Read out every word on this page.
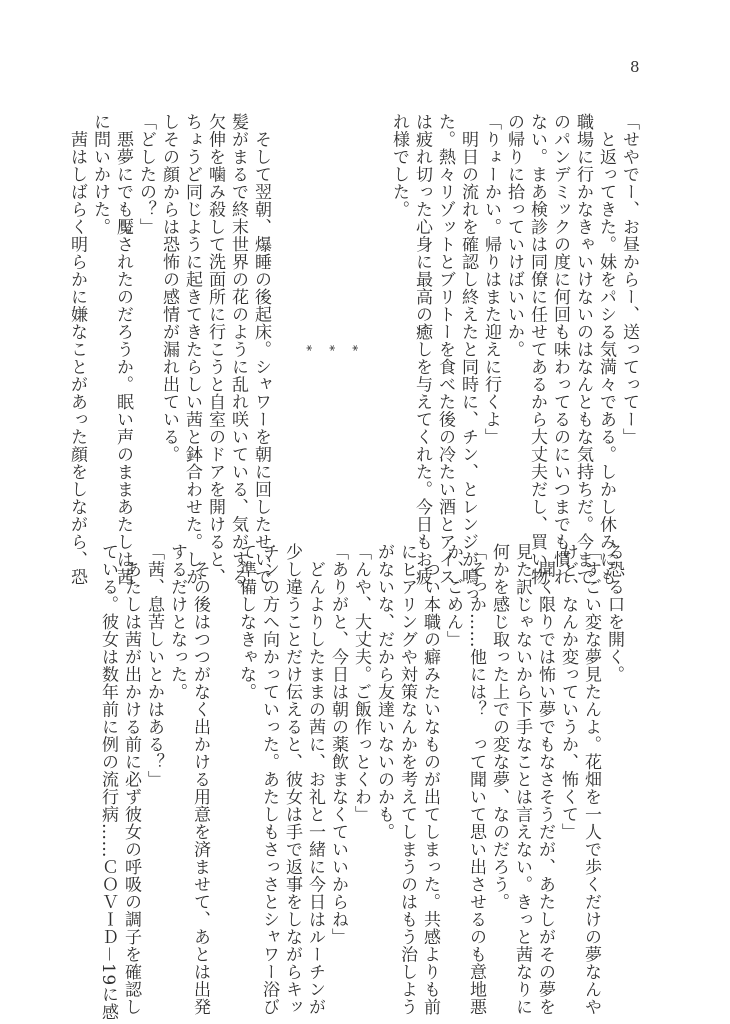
8
「せやでー、お昼からー、送ってってー」
　と返ってきた。妹をパシる気満々である。しかし休みにも
職場に行かなきゃいけないのはなんともな気持ちだ。今まで
のパンデミックの度に何回も味わってるのにいつまでも慣れ
ない。まあ検診は同僚に任せてあるから大丈夫だし、買い物
の帰りに拾っていけばいいか。
「りょーかい。帰りはまた迎えに行くよ」
　明日の流れを確認し終えたと同時に、チン、とレンジが鳴っ
た。熱々リゾットとブリトーを食べた後の冷たい酒とアイス
は疲れ切った心身に最高の癒しを与えてくれた。今日もお疲
れ様でした。
*
*
*
　そして翌朝、爆睡の後起床。シャワーを朝に回したせいで
髪がまるで終末世界の花のように乱れ咲いている、気がする。
欠伸を噛み殺して洗面所に行こうと自室のドアを開けると、
ちょうど同じように起きてきたらしい茜と鉢合わせた。しか
しその顔からは恐怖の感情が漏れ出ている。
「どしたの？」
　悪夢にでも魘されたのだろうか。眠い声のままあたしは茜
に問いかけた。
　茜はしばらく明らかに嫌なことがあった顔をしながら、恐
る恐る口を開く。
「すごい変な夢見たんよ。花畑を一人で歩くだけの夢なんや
けど、なんか変っていうか、怖くて」
　聞く限りでは怖い夢でもなさそうだが、あたしがその夢を
見た訳じゃないから下手なことは言えない。きっと茜なりに
何かを感じ取った上での変な夢、なのだろう。
「そっか……他には？　って聞いて思い出させるのも意地悪
か、ごめん」
　つい本職の癖みたいなものが出てしまった。共感よりも前
にヒアリングや対策なんかを考えてしまうのはもう治しよう
がないな、だから友達いないのかも。
「んや、大丈夫。ご飯作っとくわ」
「ありがと、今日は朝の薬飲まなくていいからね」
　どんよりしたままの茜に、お礼と一緒に今日はルーチンが
少し違うことだけ伝えると、彼女は手で返事をしながらキッ
チンの方へ向かっていった。あたしもさっさとシャワー浴び
て準備しなきゃな。
　その後はつつがなく出かける用意を済ませて、あとは出発
するだけとなった。
「茜、息苦しいとかはある？」
　あたしは茜が出かける前に必ず彼女の呼吸の調子を確認し
ている。彼女は数年前に例の流行病……ＣＯＶＩＤ－19に感
